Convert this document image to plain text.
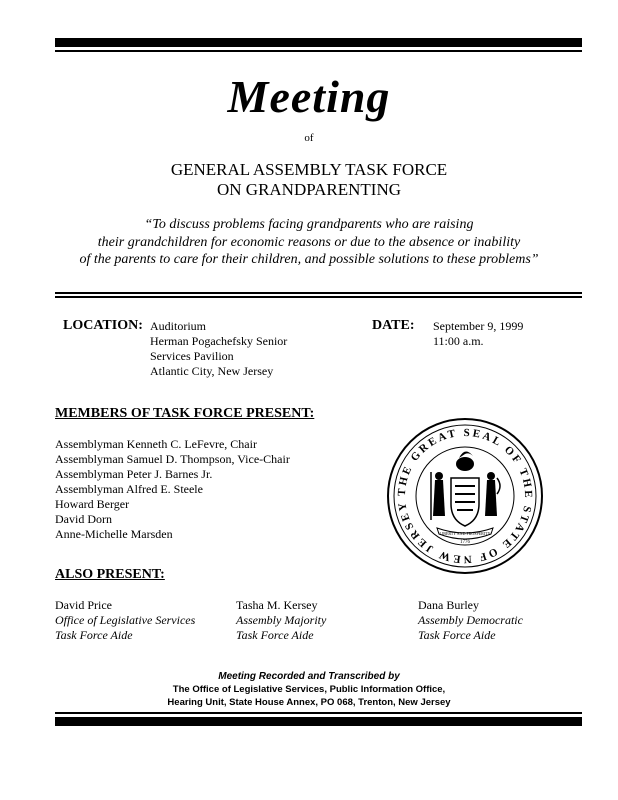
Meeting
of
GENERAL ASSEMBLY TASK FORCE
ON GRANDPARENTING
“To discuss problems facing grandparents who are raising
their grandchildren for economic reasons or due to the absence or inability
of the parents to care for their children, and possible solutions to these problems”
LOCATION: Auditorium
Herman Pogachefsky Senior
Services Pavilion
Atlantic City, New Jersey
DATE: September 9, 1999
11:00 a.m.
MEMBERS OF TASK FORCE PRESENT:
Assemblyman Kenneth C. LeFevre, Chair
Assemblyman Samuel D. Thompson, Vice-Chair
Assemblyman Peter J. Barnes Jr.
Assemblyman Alfred E. Steele
Howard Berger
David Dorn
Anne-Michelle Marsden
THE GREAT SEAL OF THE STATE OF NEW JERSEY
LIBERTY AND PROSPERITY
1776
ALSO PRESENT:
David Price
Office of Legislative Services
Task Force Aide
Tasha M. Kersey
Assembly Majority
Task Force Aide
Dana Burley
Assembly Democratic
Task Force Aide
Meeting Recorded and Transcribed by
The Office of Legislative Services, Public Information Office,
Hearing Unit, State House Annex, PO 068, Trenton, New Jersey
